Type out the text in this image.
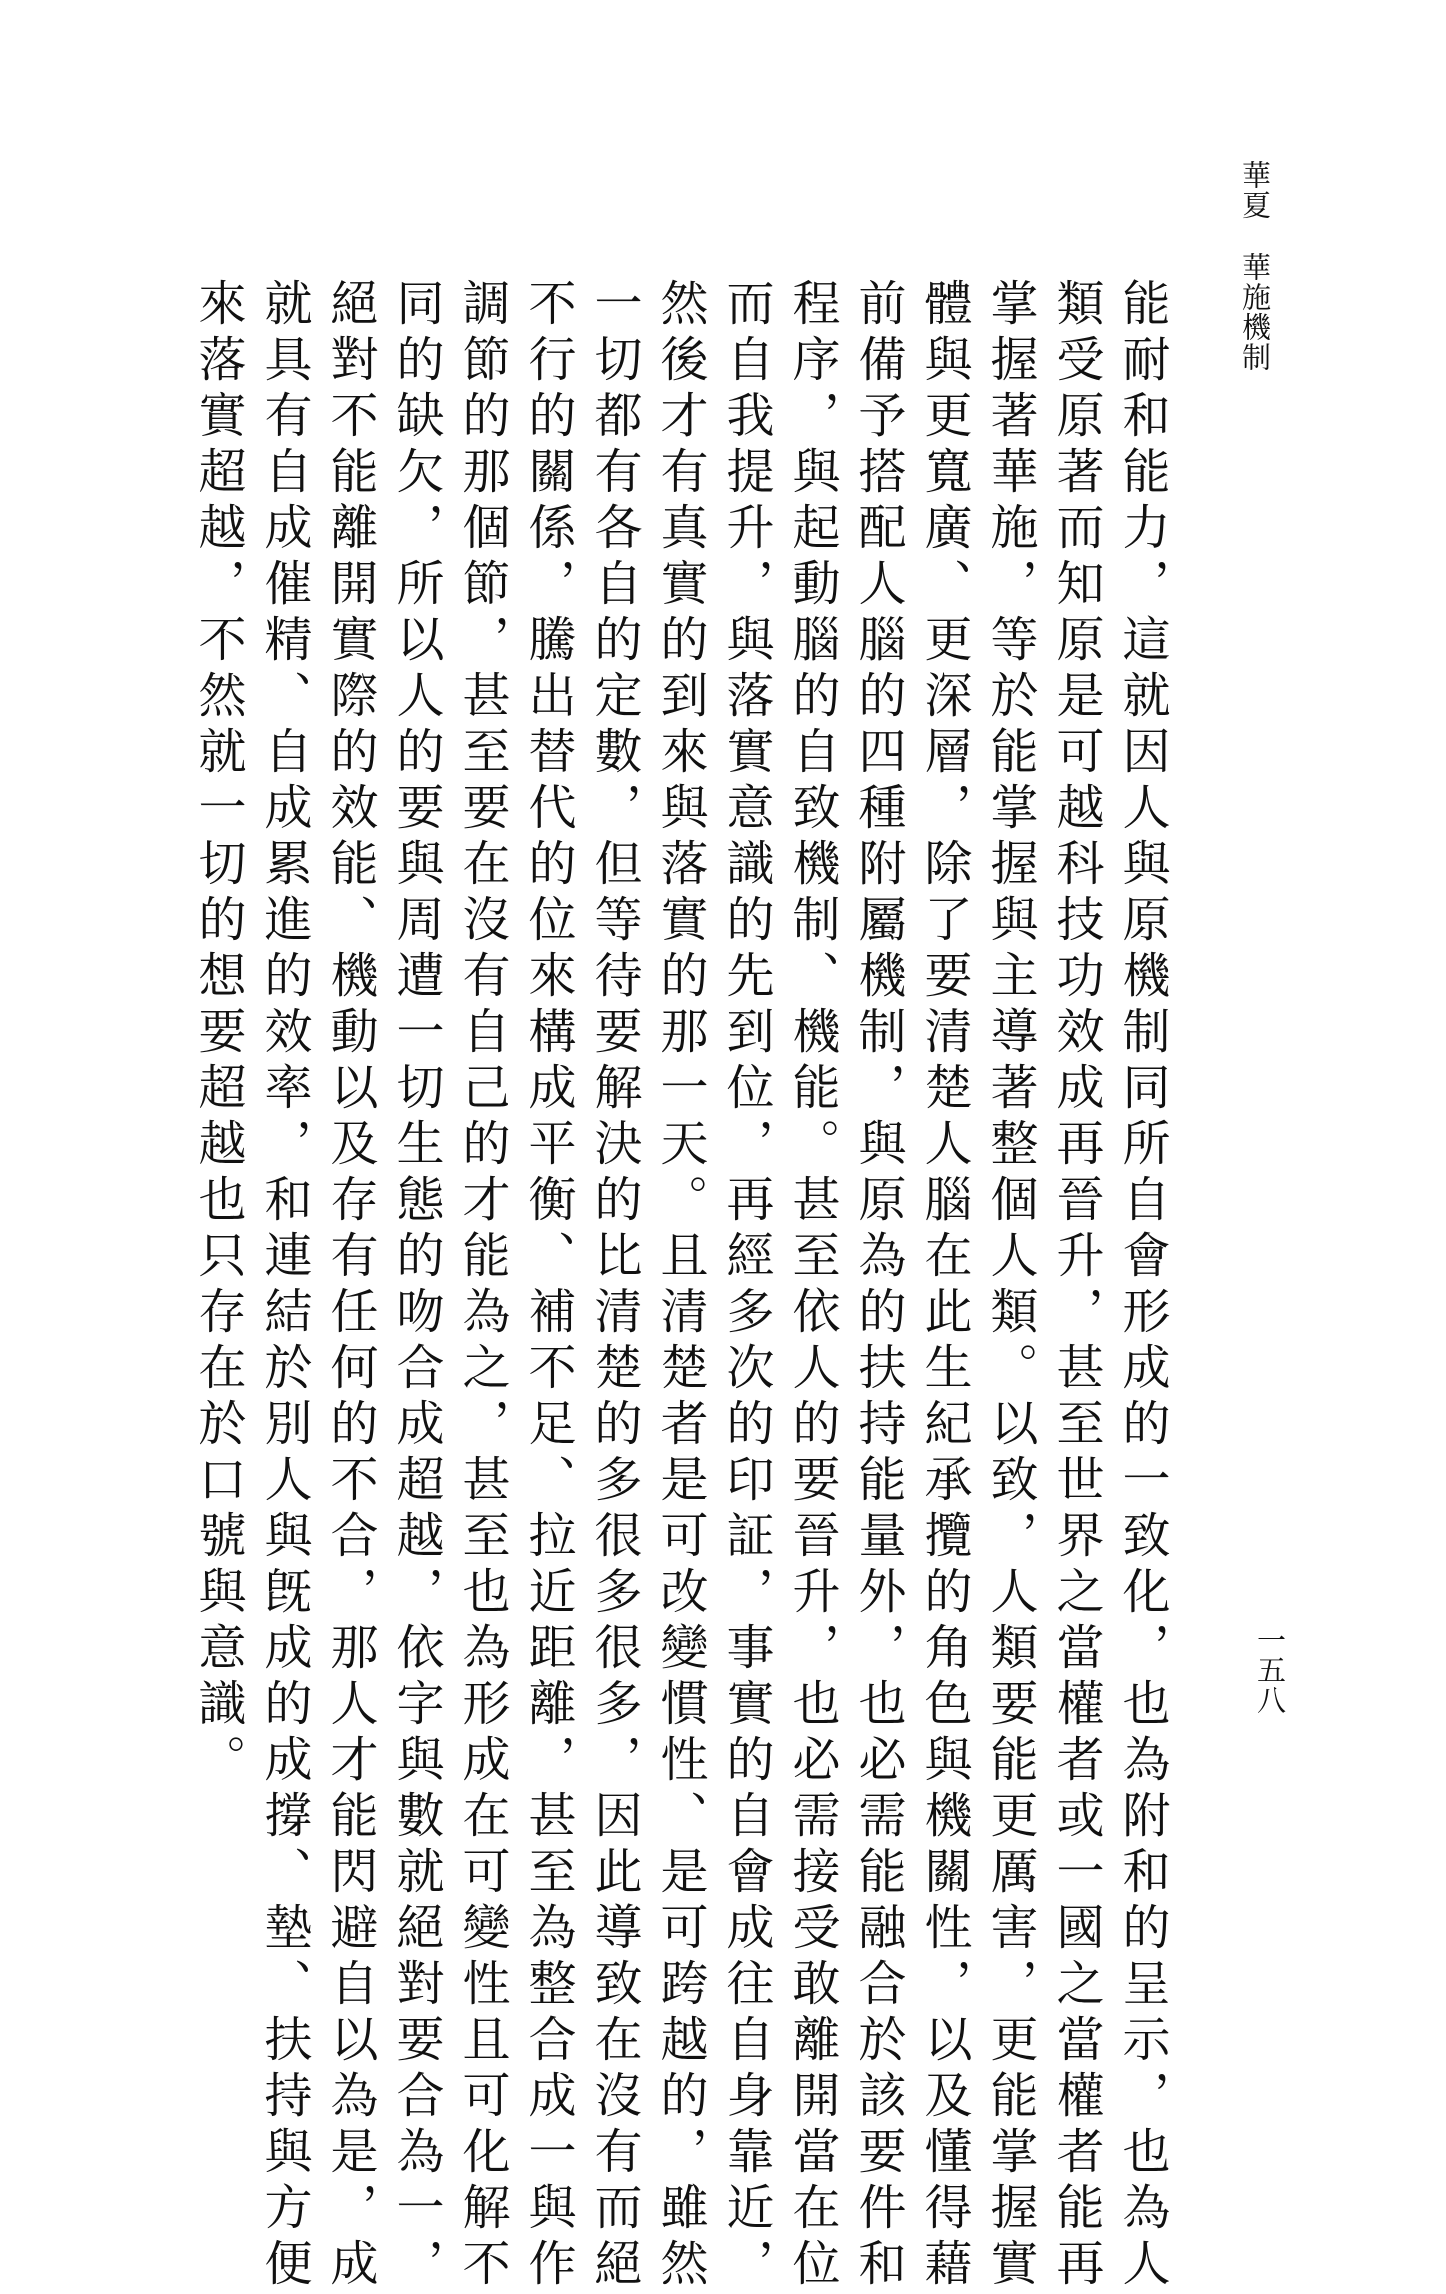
華夏華施機制
一五八
能耐和能力，這就因人與原機制同所自會形成的一致化，也為附和的呈示，也為人
類受原著而知原是可越科技功效成再晉升，甚至世界之當權者或一國之當權者能再
掌握著華施，等於能掌握與主導著整個人類。以致，人類要能更厲害，更能掌握實
體與更寬廣、更深層，除了要清楚人腦在此生紀承攬的角色與機關性，以及懂得藉
前備予搭配人腦的四種附屬機制，與原為的扶持能量外，也必需能融合於該要件和
程序，與起動腦的自致機制、機能。甚至依人的要晉升，也必需接受敢離開當在位
而自我提升，與落實意識的先到位，再經多次的印証，事實的自會成往自身靠近，
然後才有真實的到來與落實的那一天。且清楚者是可改變慣性、是可跨越的，雖然
一切都有各自的定數，但等待要解決的比清楚的多很多很多，因此導致在沒有而絕
不行的關係，騰出替代的位來構成平衡、補不足、拉近距離，甚至為整合成一與作
調節的那個節，甚至要在沒有自己的才能為之，甚至也為形成在可變性且可化解不
同的缺欠，所以人的要與周遭一切生態的吻合成超越，依字與數就絕對要合為一，
絕對不能離開實際的效能、機動以及存有任何的不合，那人才能閃避自以為是，成
就具有自成催精、自成累進的效率，和連結於別人與旣成的成撐、墊、扶持與方便
來落實超越，不然就一切的想要超越也只存在於口號與意識。
